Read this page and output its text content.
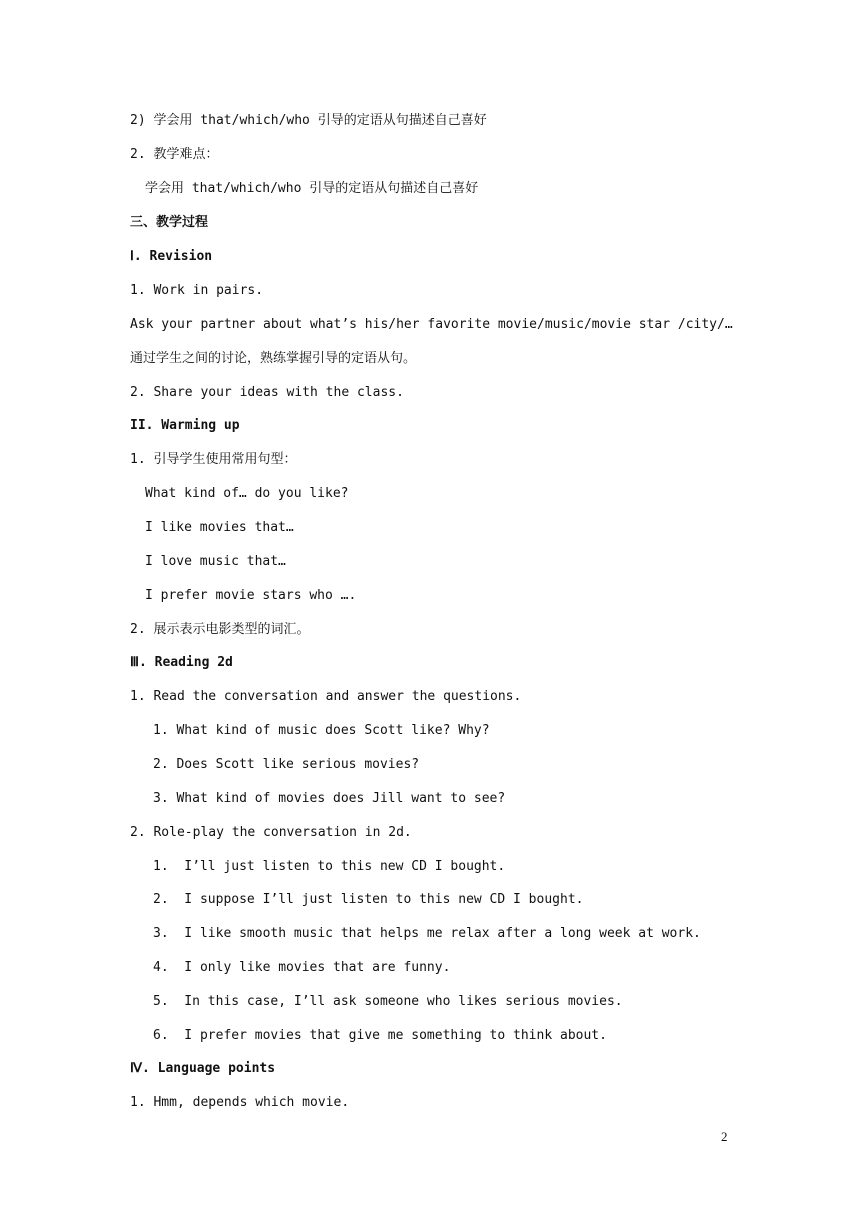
2) 学会用 that/which/who 引导的定语从句描述自己喜好
2. 教学难点：
学会用 that/which/who 引导的定语从句描述自己喜好
三、教学过程
Ⅰ. Revision
1. Work in pairs.
Ask your partner about what’s his/her favorite movie/music/movie star /city/…
通过学生之间的讨论，熟练掌握引导的定语从句。
2. Share your ideas with the class.
II. Warming up
1. 引导学生使用常用句型：
What kind of… do you like?
I like movies that…
I love music that…
I prefer movie stars who ….
2. 展示表示电影类型的词汇。
Ⅲ. Reading 2d
1. Read the conversation and answer the questions.
1. What kind of music does Scott like? Why?
2. Does Scott like serious movies?
3. What kind of movies does Jill want to see?
2. Role-play the conversation in 2d.
1.  I’ll just listen to this new CD I bought.
2.  I suppose I’ll just listen to this new CD I bought.
3.  I like smooth music that helps me relax after a long week at work.
4.  I only like movies that are funny.
5.  In this case, I’ll ask someone who likes serious movies.
6.  I prefer movies that give me something to think about.
Ⅳ. Language points
1. Hmm, depends which movie.
2
